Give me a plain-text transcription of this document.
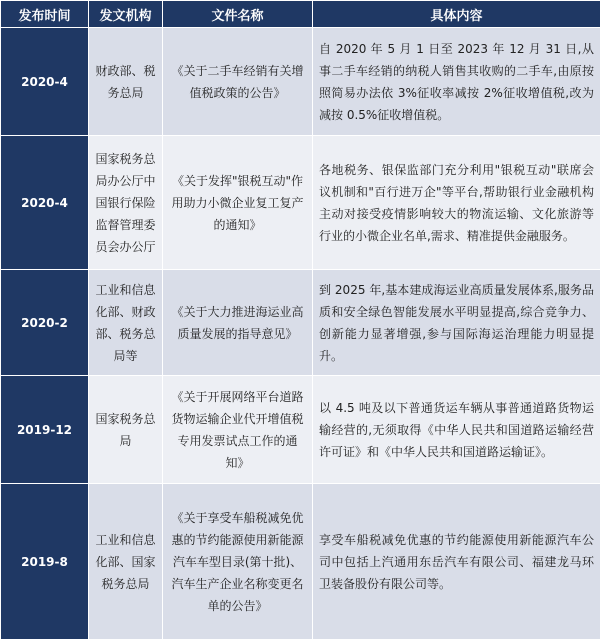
发布时间	发文机构	文件名称	具体内容
2020-4	财政部、税务总局	《关于二手车经销有关增值税政策的公告》	自 2020 年 5 月 1 日至 2023 年 12 月 31 日,从事二手车经销的纳税人销售其收购的二手车,由原按照简易办法依 3%征收率减按 2%征收增值税,改为减按 0.5%征收增值税。
2020-4	国家税务总局办公厅中国银行保险监督管理委员会办公厅	《关于发挥"银税互动"作用助力小微企业复工复产的通知》	各地税务、银保监部门充分利用"银税互动"联席会议机制和"百行进万企"等平台,帮助银行业金融机构主动对接受疫情影响较大的物流运输、文化旅游等行业的小微企业名单,需求、精准提供金融服务。
2020-2	工业和信息化部、财政部、税务总局等	《关于大力推进海运业高质量发展的指导意见》	到 2025 年,基本建成海运业高质量发展体系,服务品质和安全绿色智能发展水平明显提高,综合竞争力、创新能力显著增强,参与国际海运治理能力明显提升。
2019-12	国家税务总局	《关于开展网络平台道路货物运输企业代开增值税专用发票试点工作的通知》	以 4.5 吨及以下普通货运车辆从事普通道路货物运输经营的,无须取得《中华人民共和国道路运输经营许可证》和《中华人民共和国道路运输证》。
2019-8	工业和信息化部、国家税务总局	《关于享受车船税减免优惠的节约能源使用新能源汽车车型目录(第十批)、汽车生产企业名称变更名单的公告》	享受车船税减免优惠的节约能源使用新能源汽车公司中包括上汽通用东岳汽车有限公司、福建龙马环卫装备股份有限公司等。
